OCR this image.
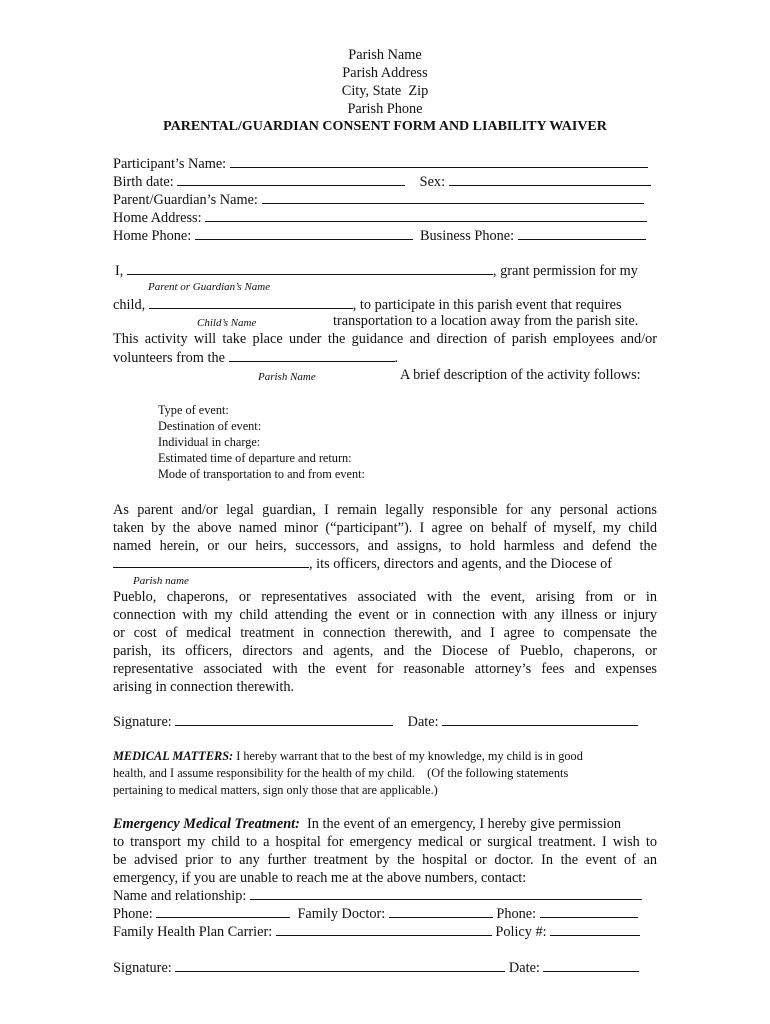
Parish Name
Parish Address
City, State  Zip
Parish Phone
PARENTAL/GUARDIAN CONSENT FORM AND LIABILITY WAIVER
Participant’s Name:
Birth date:	Sex:
Parent/Guardian’s Name:
Home Address:
Home Phone:	Business Phone:
I,	, grant permission for my
Parent or Guardian’s Name
child,	, to participate in this parish event that requires
Child’s Name	transportation to a location away from the parish site.
This activity will take place under the guidance and direction of parish employees and/or
volunteers from the	.
Parish Name	A brief description of the activity follows:
Type of event:
Destination of event:
Individual in charge:
Estimated time of departure and return:
Mode of transportation to and from event:
As parent and/or legal guardian, I remain legally responsible for any personal actions
taken by the above named minor (“participant”). I agree on behalf of myself, my child
named herein, or our heirs, successors, and assigns, to hold harmless and defend the
, its officers, directors and agents, and the Diocese of
Parish name
Pueblo, chaperons, or representatives associated with the event, arising from or in
connection with my child attending the event or in connection with any illness or injury
or cost of medical treatment in connection therewith, and I agree to compensate the
parish, its officers, directors and agents, and the Diocese of Pueblo, chaperons, or
representative associated with the event for reasonable attorney’s fees and expenses
arising in connection therewith.
Signature:	Date:
MEDICAL MATTERS: I hereby warrant that to the best of my knowledge, my child is in good
health, and I assume responsibility for the health of my child.    (Of the following statements
pertaining to medical matters, sign only those that are applicable.)
Emergency Medical Treatment:  In the event of an emergency, I hereby give permission
to transport my child to a hospital for emergency medical or surgical treatment. I wish to
be advised prior to any further treatment by the hospital or doctor. In the event of an
emergency, if you are unable to reach me at the above numbers, contact:
Name and relationship:
Phone:	Family Doctor:	Phone:
Family Health Plan Carrier:	Policy #:
Signature:	Date:
